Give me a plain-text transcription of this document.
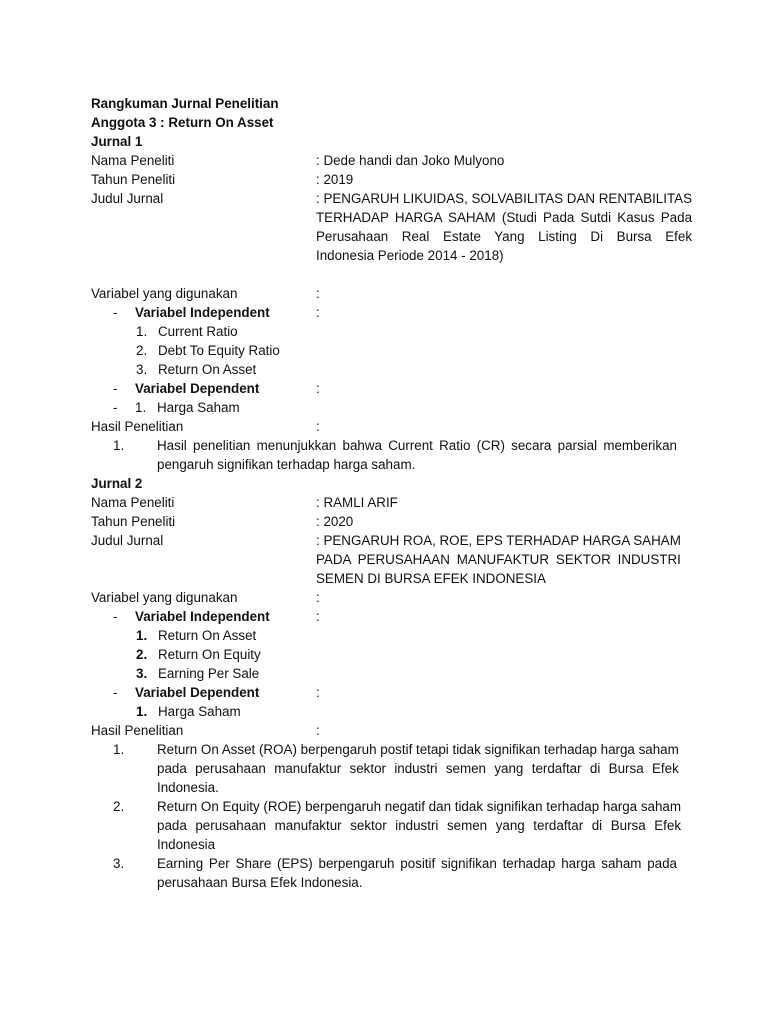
Rangkuman Jurnal Penelitian
Anggota 3 : Return On Asset
Jurnal 1
Nama Peneliti	: Dede handi dan Joko Mulyono
Tahun Peneliti	: 2019
Judul Jurnal	: PENGARUH LIKUIDAS, SOLVABILITAS DAN RENTABILITAS
TERHADAP HARGA SAHAM (Studi Pada Sutdi Kasus Pada
Perusahaan Real Estate Yang Listing Di Bursa Efek
Indonesia Periode 2014 - 2018)
Variabel yang digunakan	:
- Variabel Independent	:
1. Current Ratio
2. Debt To Equity Ratio
3. Return On Asset
- Variabel Dependent	:
- 1. Harga Saham
Hasil Penelitian	:
1.	Hasil penelitian menunjukkan bahwa Current Ratio (CR) secara parsial memberikan
pengaruh signifikan terhadap harga saham.
Jurnal 2
Nama Peneliti	: RAMLI ARIF
Tahun Peneliti	: 2020
Judul Jurnal	: PENGARUH ROA, ROE, EPS TERHADAP HARGA SAHAM
PADA PERUSAHAAN MANUFAKTUR SEKTOR INDUSTRI
SEMEN DI BURSA EFEK INDONESIA
Variabel yang digunakan	:
- Variabel Independent	:
1. Return On Asset
2. Return On Equity
3. Earning Per Sale
- Variabel Dependent	:
1. Harga Saham
Hasil Penelitian	:
1.	Return On Asset (ROA) berpengaruh postif tetapi tidak signifikan terhadap harga saham
pada perusahaan manufaktur sektor industri semen yang terdaftar di Bursa Efek
Indonesia.
2.	Return On Equity (ROE) berpengaruh negatif dan tidak signifikan terhadap harga saham
pada perusahaan manufaktur sektor industri semen yang terdaftar di Bursa Efek
Indonesia
3.	Earning Per Share (EPS) berpengaruh positif signifikan terhadap harga saham pada
perusahaan Bursa Efek Indonesia.
